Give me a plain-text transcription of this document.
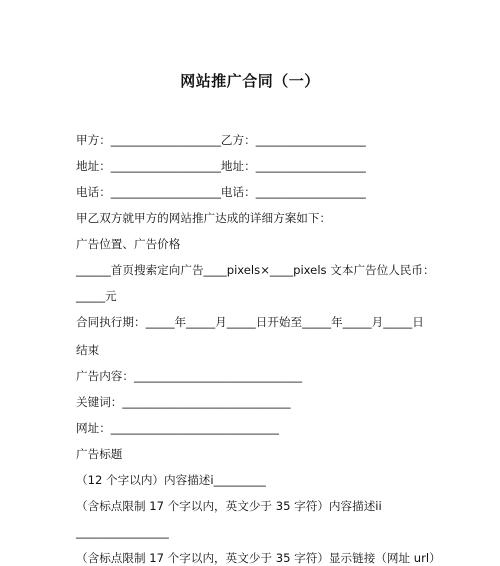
网站推广合同（一）
甲方：___________________乙方：___________________
地址：___________________地址：___________________
电话：___________________电话：___________________
甲乙双方就甲方的网站推广达成的详细方案如下：
广告位置、广告价格
______首页搜索定向广告____pixels×____pixels 文本广告位人民币：
_____元
合同执行期：_____年_____月_____日开始至_____年_____月_____日
结束
广告内容：_____________________________
关键词：_____________________________
网址：_____________________________
广告标题
（12 个字以内）内容描述i_________
（含标点限制 17 个字以内，英文少于 35 字符）内容描述ii
________________
（含标点限制 17 个字以内，英文少于 35 字符）显示链接（网址 url）
